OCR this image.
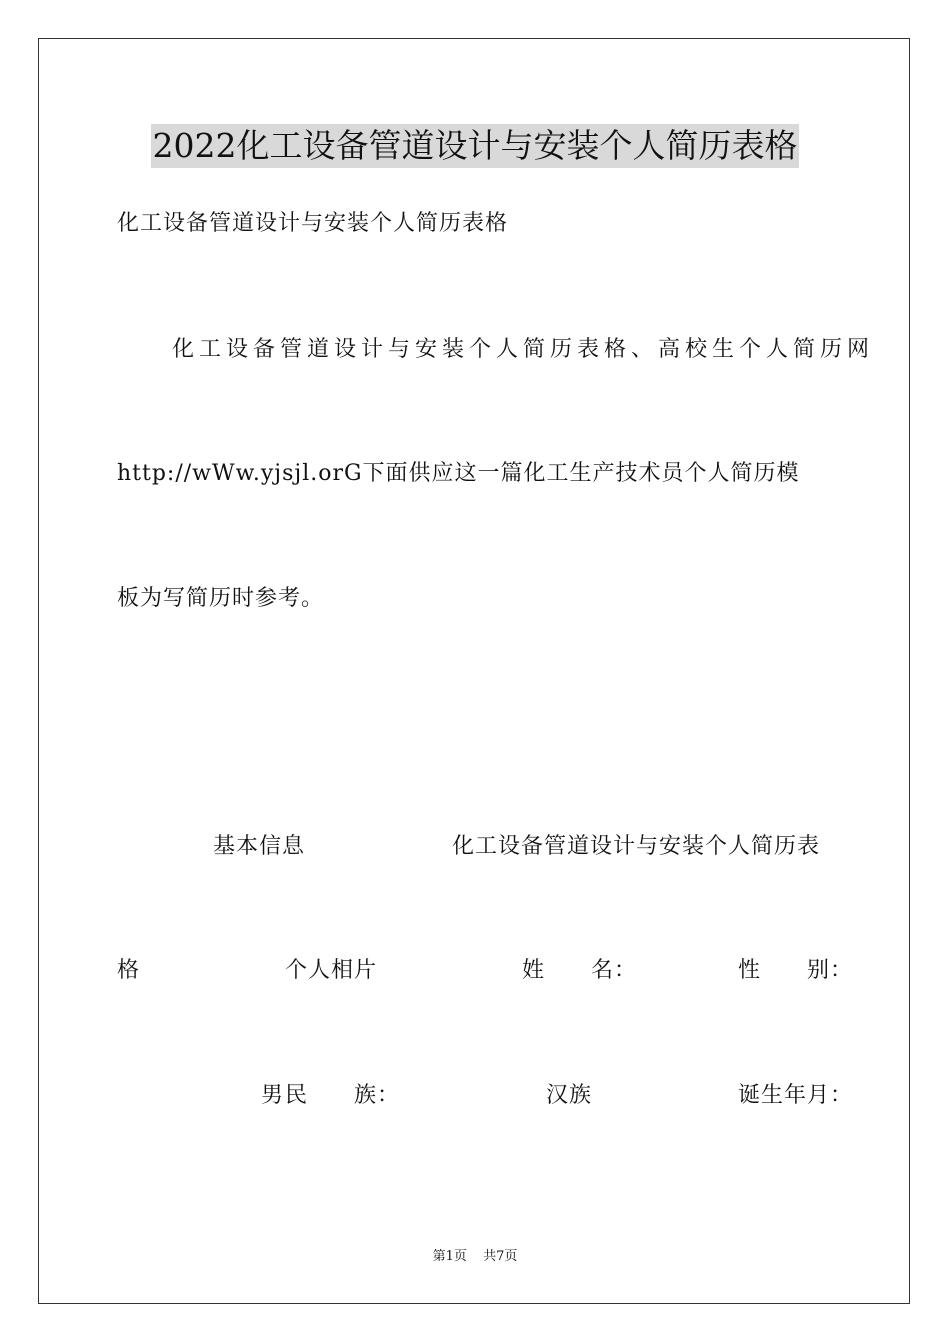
2022化工设备管道设计与安装个人简历表格
化工设备管道设计与安装个人简历表格
化工设备管道设计与安装个人简历表格、高校生个人简历网
http://wWw.yjsjl.orG下面供应这一篇化工生产技术员个人简历模
板为写简历时参考。
基本信息	化工设备管道设计与安装个人简历表
格	个人相片	姓　　名：	性　　别：
男 民　　族：	汉族	诞生年月：
第1页 共7页
